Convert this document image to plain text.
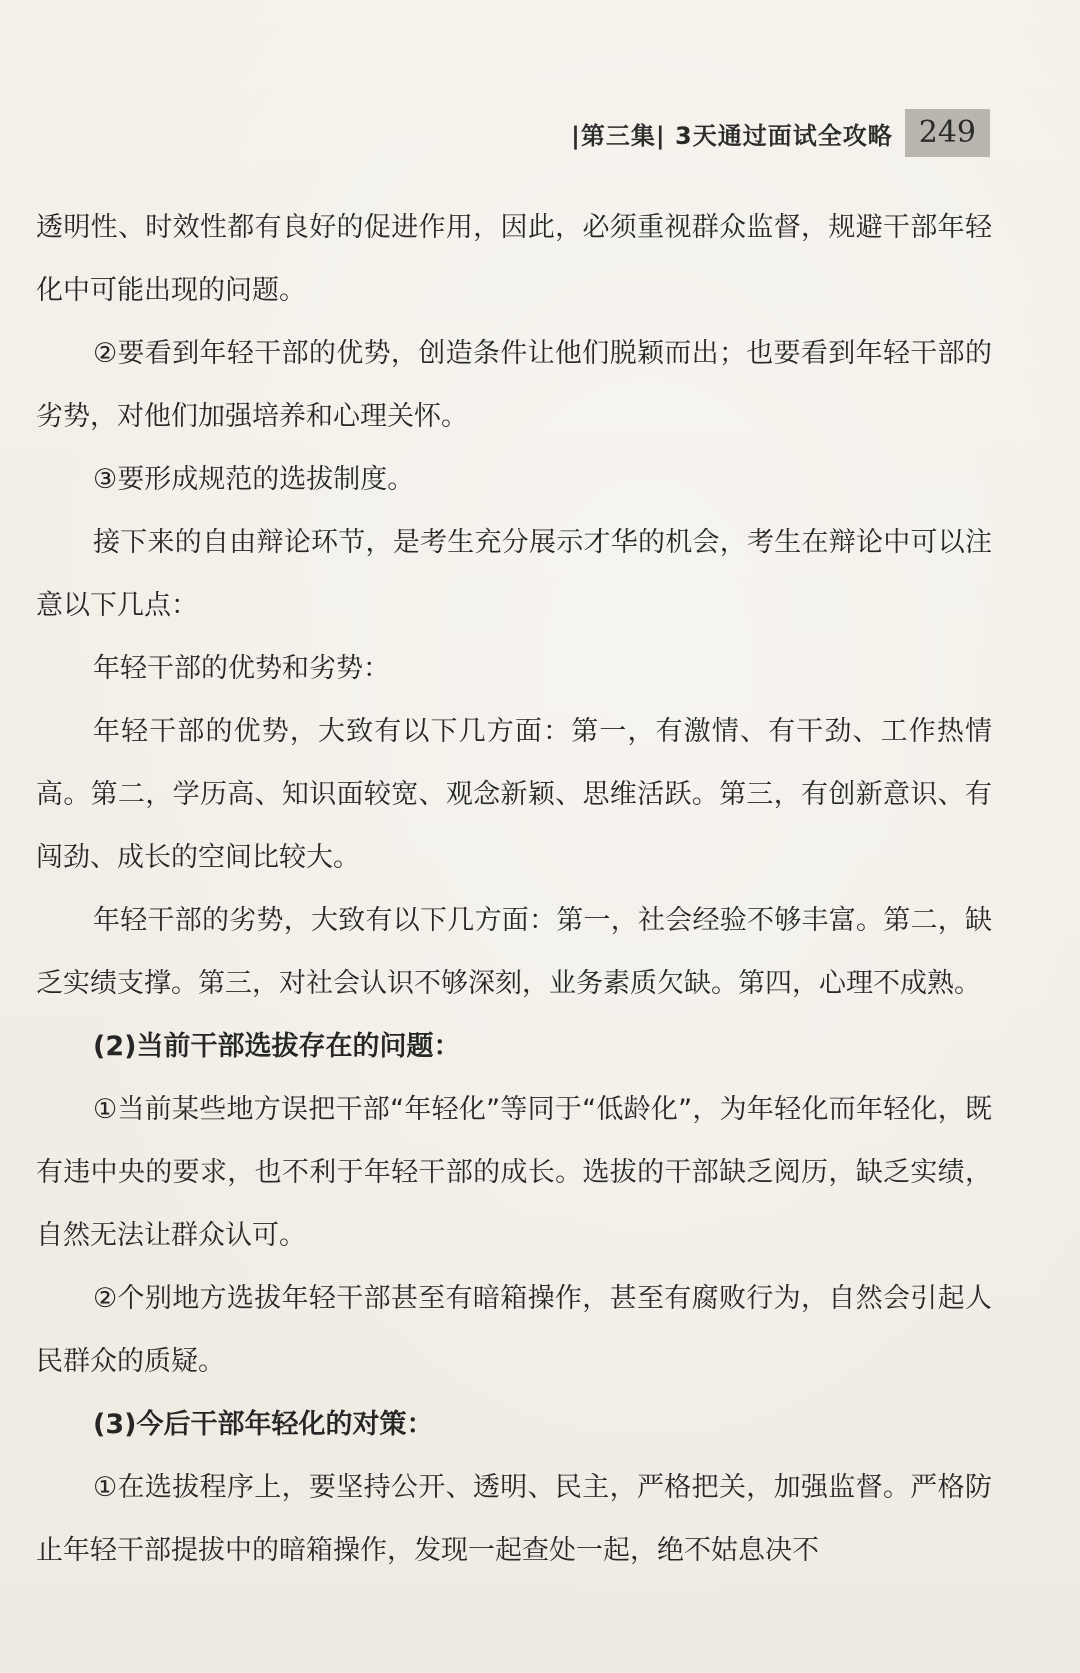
|第三集| 3天通过面试全攻略 249

透明性、时效性都有良好的促进作用，因此，必须重视群众监督，规避干部年轻化中可能出现的问题。

②要看到年轻干部的优势，创造条件让他们脱颖而出；也要看到年轻干部的劣势，对他们加强培养和心理关怀。

③要形成规范的选拔制度。

接下来的自由辩论环节，是考生充分展示才华的机会，考生在辩论中可以注意以下几点：

年轻干部的优势和劣势：

年轻干部的优势，大致有以下几方面：第一，有激情、有干劲、工作热情高。第二，学历高、知识面较宽、观念新颖、思维活跃。第三，有创新意识、有闯劲、成长的空间比较大。

年轻干部的劣势，大致有以下几方面：第一，社会经验不够丰富。第二，缺乏实绩支撑。第三，对社会认识不够深刻，业务素质欠缺。第四，心理不成熟。

(2)当前干部选拔存在的问题：

①当前某些地方误把干部“年轻化”等同于“低龄化”，为年轻化而年轻化，既有违中央的要求，也不利于年轻干部的成长。选拔的干部缺乏阅历，缺乏实绩，自然无法让群众认可。

②个别地方选拔年轻干部甚至有暗箱操作，甚至有腐败行为，自然会引起人民群众的质疑。

(3)今后干部年轻化的对策：

①在选拔程序上，要坚持公开、透明、民主，严格把关，加强监督。严格防止年轻干部提拔中的暗箱操作，发现一起查处一起，绝不姑息决不
